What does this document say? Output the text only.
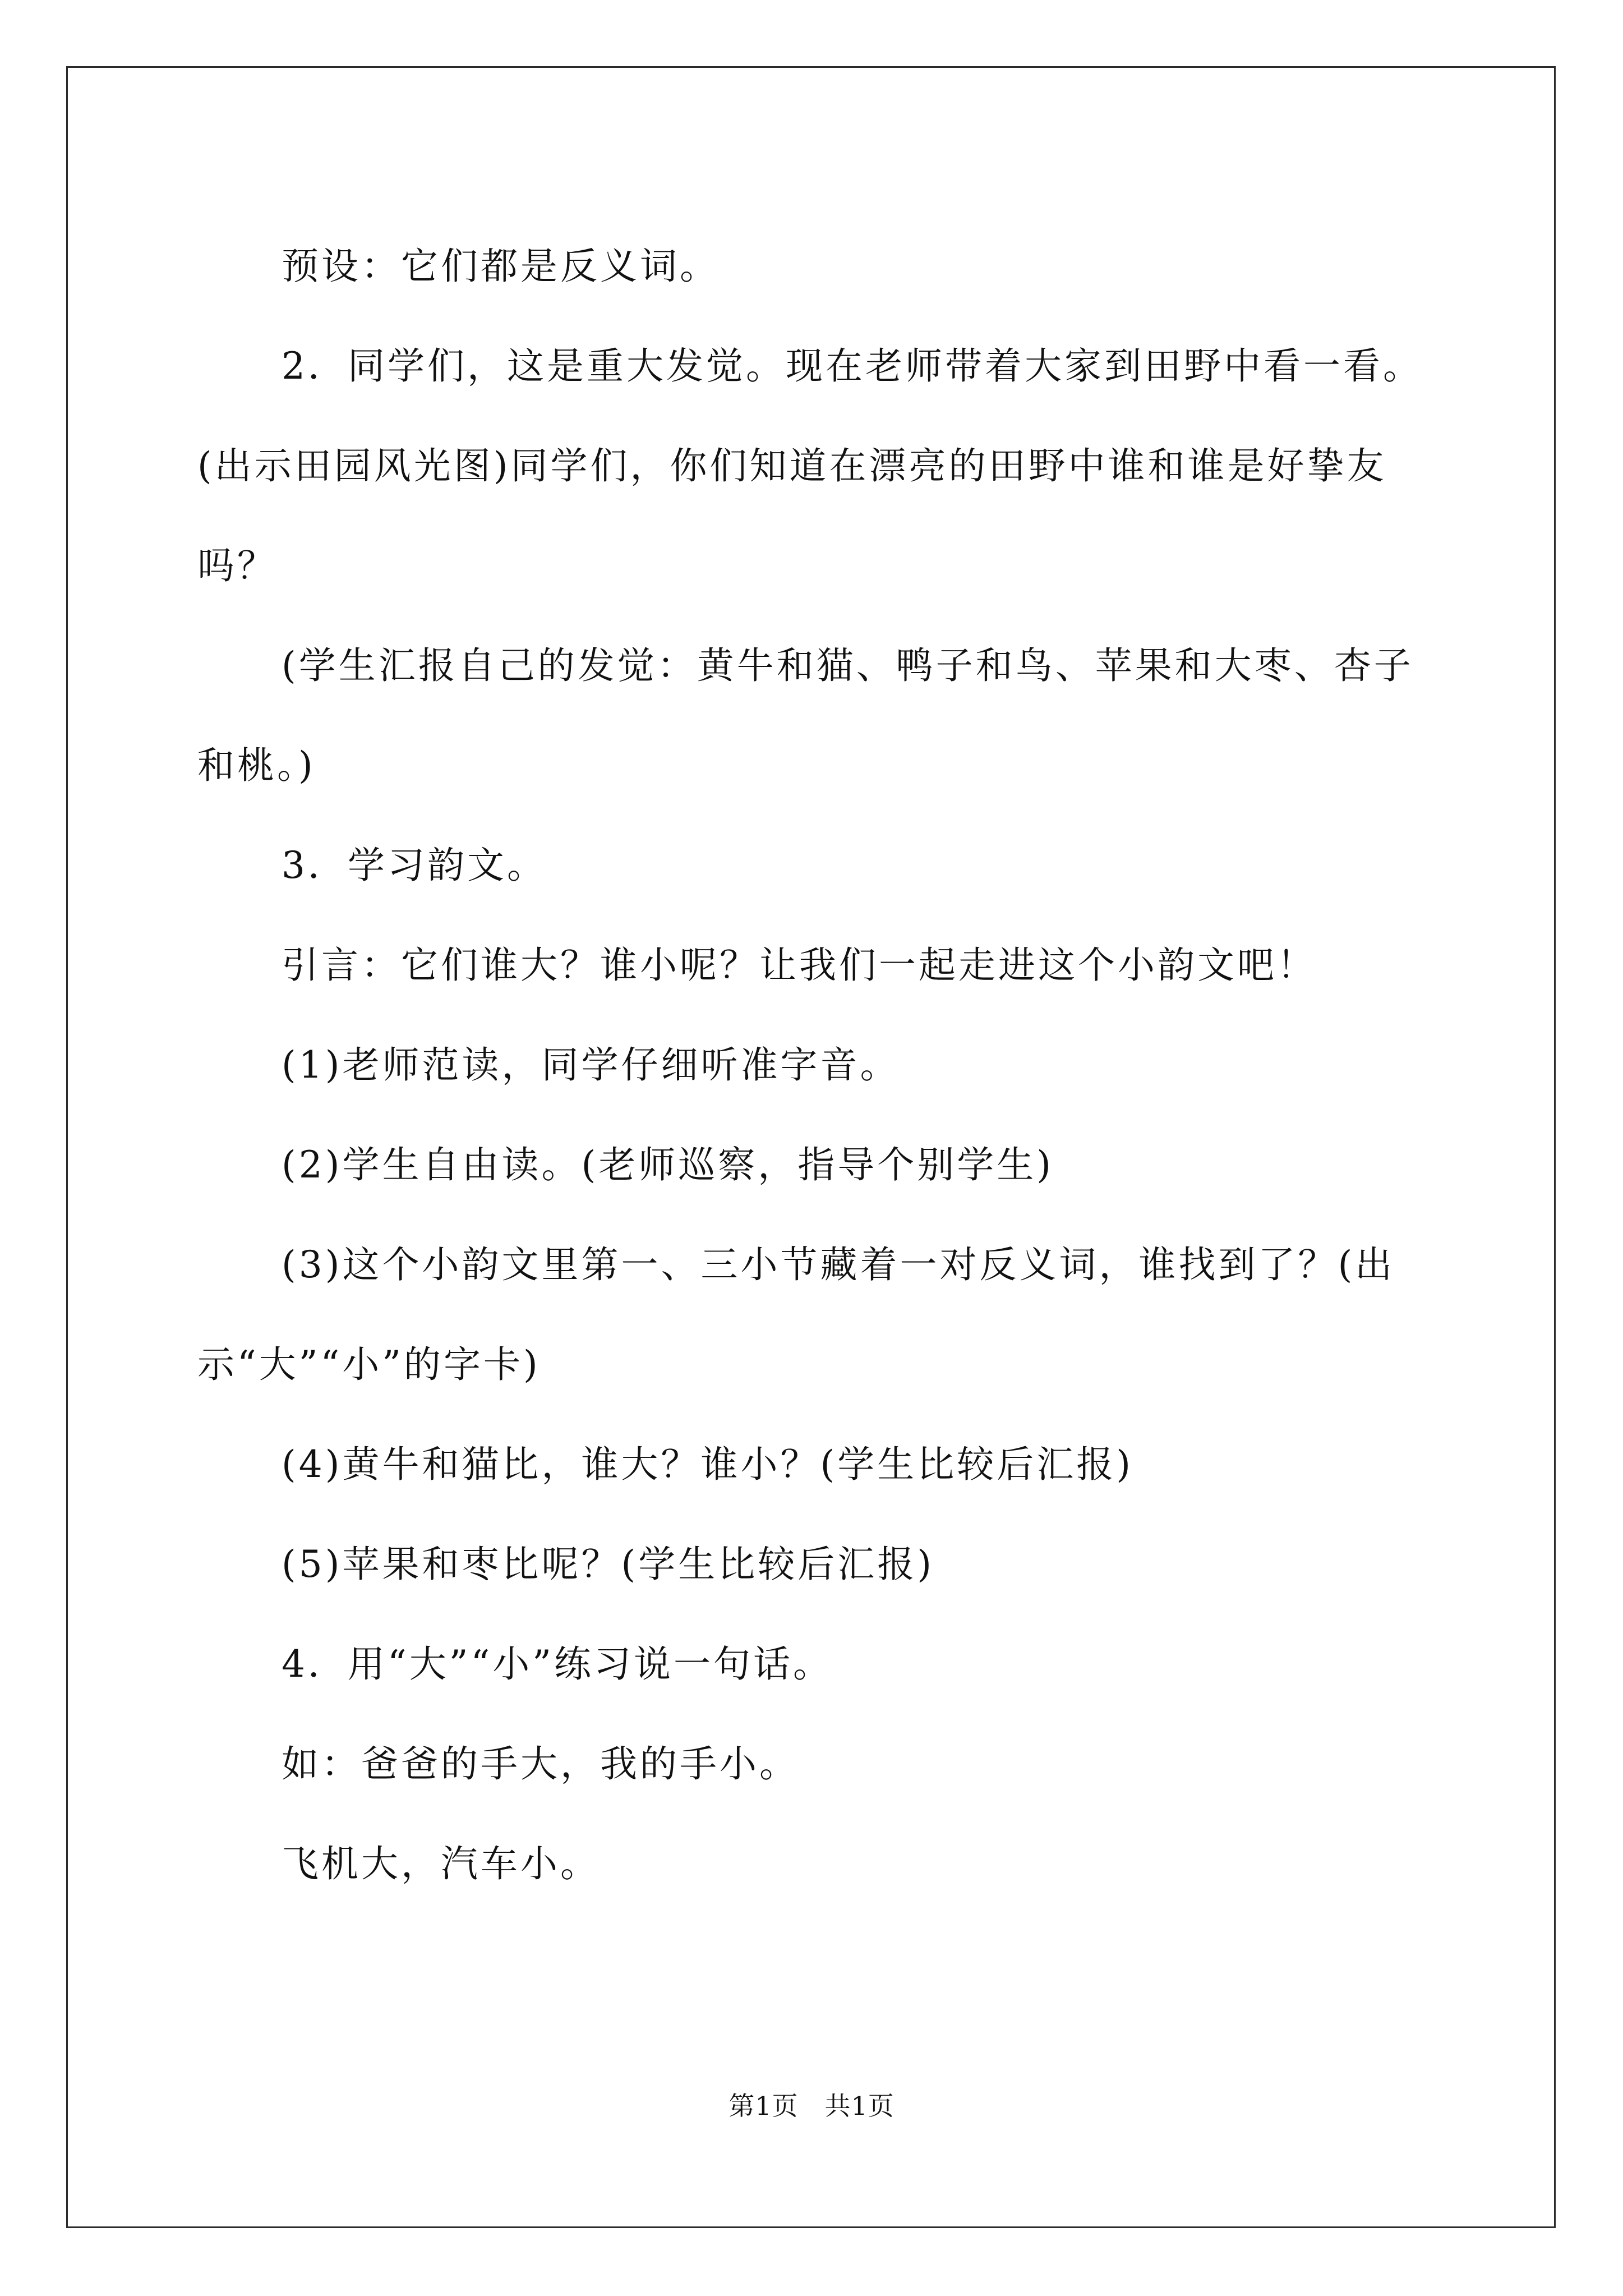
预设：它们都是反义词。

2．同学们，这是重大发觉。现在老师带着大家到田野中看一看。(出示田园风光图)同学们，你们知道在漂亮的田野中谁和谁是好挚友吗？

(学生汇报自己的发觉：黄牛和猫、鸭子和鸟、苹果和大枣、杏子和桃。)

3．学习韵文。

引言：它们谁大？谁小呢？让我们一起走进这个小韵文吧！

(1)老师范读，同学仔细听准字音。

(2)学生自由读。(老师巡察，指导个别学生)

(3)这个小韵文里第一、三小节藏着一对反义词，谁找到了？(出示“大”“小”的字卡)

(4)黄牛和猫比，谁大？谁小？(学生比较后汇报)

(5)苹果和枣比呢？(学生比较后汇报)

4．用“大”“小”练习说一句话。

如：爸爸的手大，我的手小。

飞机大，汽车小。

第1页　共1页
